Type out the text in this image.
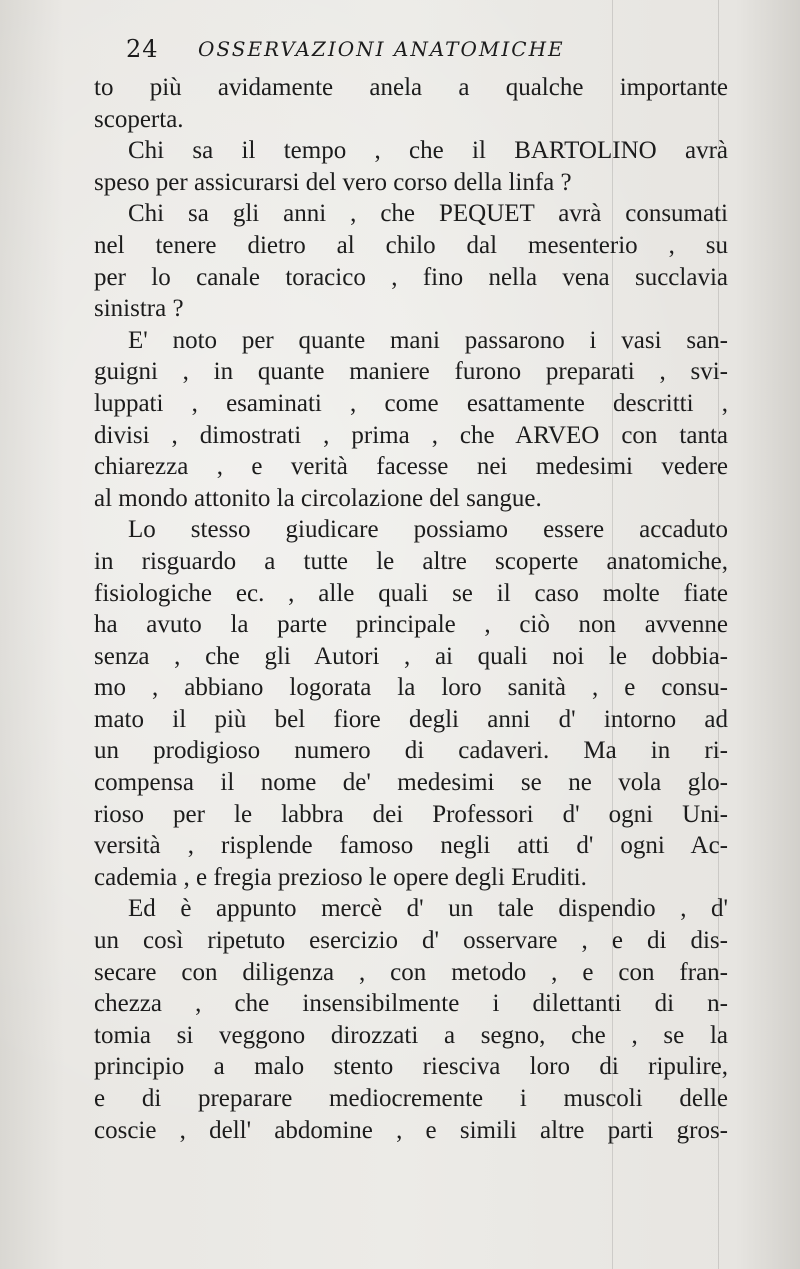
24 OSSERVAZIONI ANATOMICHE
to più avidamente anela a qualche importante
scoperta.
Chi sa il tempo , che il BARTOLINO avrà
speso per assicurarsi del vero corso della linfa ?
Chi sa gli anni , che PEQUET avrà consumati
nel tenere dietro al chilo dal mesenterio , su
per lo canale toracico , fino nella vena succlavia
sinistra ?
E' noto per quante mani passarono i vasi san-
guigni , in quante maniere furono preparati , svi-
luppati , esaminati , come esattamente descritti ,
divisi , dimostrati , prima , che ARVEO con tanta
chiarezza , e verità facesse nei medesimi vedere
al mondo attonito la circolazione del sangue.
Lo stesso giudicare possiamo essere accaduto
in risguardo a tutte le altre scoperte anatomiche,
fisiologiche ec. , alle quali se il caso molte fiate
ha avuto la parte principale , ciò non avvenne
senza , che gli Autori , ai quali noi le dobbia-
mo , abbiano logorata la loro sanità , e consu-
mato il più bel fiore degli anni d' intorno ad
un prodigioso numero di cadaveri. Ma in ri-
compensa il nome de' medesimi se ne vola glo-
rioso per le labbra dei Professori d' ogni Uni-
versità , risplende famoso negli atti d' ogni Ac-
cademia , e fregia prezioso le opere degli Eruditi.
Ed è appunto mercè d' un tale dispendio , d'
un così ripetuto esercizio d' osservare , e di dis-
secare con diligenza , con metodo , e con fran-
chezza , che insensibilmente i dilettanti di n-
tomia si veggono dirozzati a segno, che , se la
principio a malo stento riesciva loro di ripulire,
e di preparare mediocremente i muscoli delle
coscie , dell' abdomine , e simili altre parti gros-
